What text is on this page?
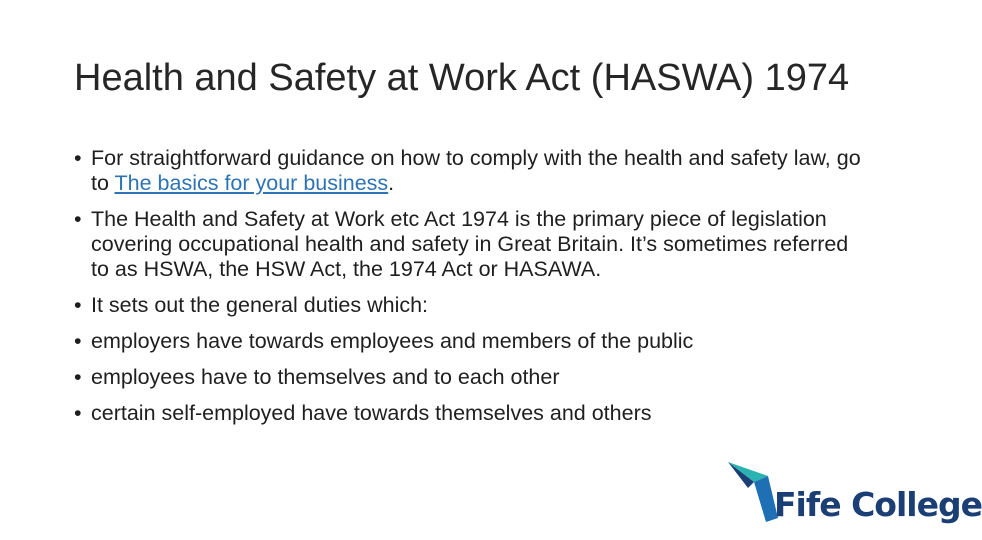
Health and Safety at Work Act (HASWA) 1974
• For straightforward guidance on how to comply with the health and safety law, go to The basics for your business.
• The Health and Safety at Work etc Act 1974 is the primary piece of legislation covering occupational health and safety in Great Britain. It’s sometimes referred to as HSWA, the HSW Act, the 1974 Act or HASAWA.
• It sets out the general duties which:
• employers have towards employees and members of the public
• employees have to themselves and to each other
• certain self-employed have towards themselves and others
Fife College
